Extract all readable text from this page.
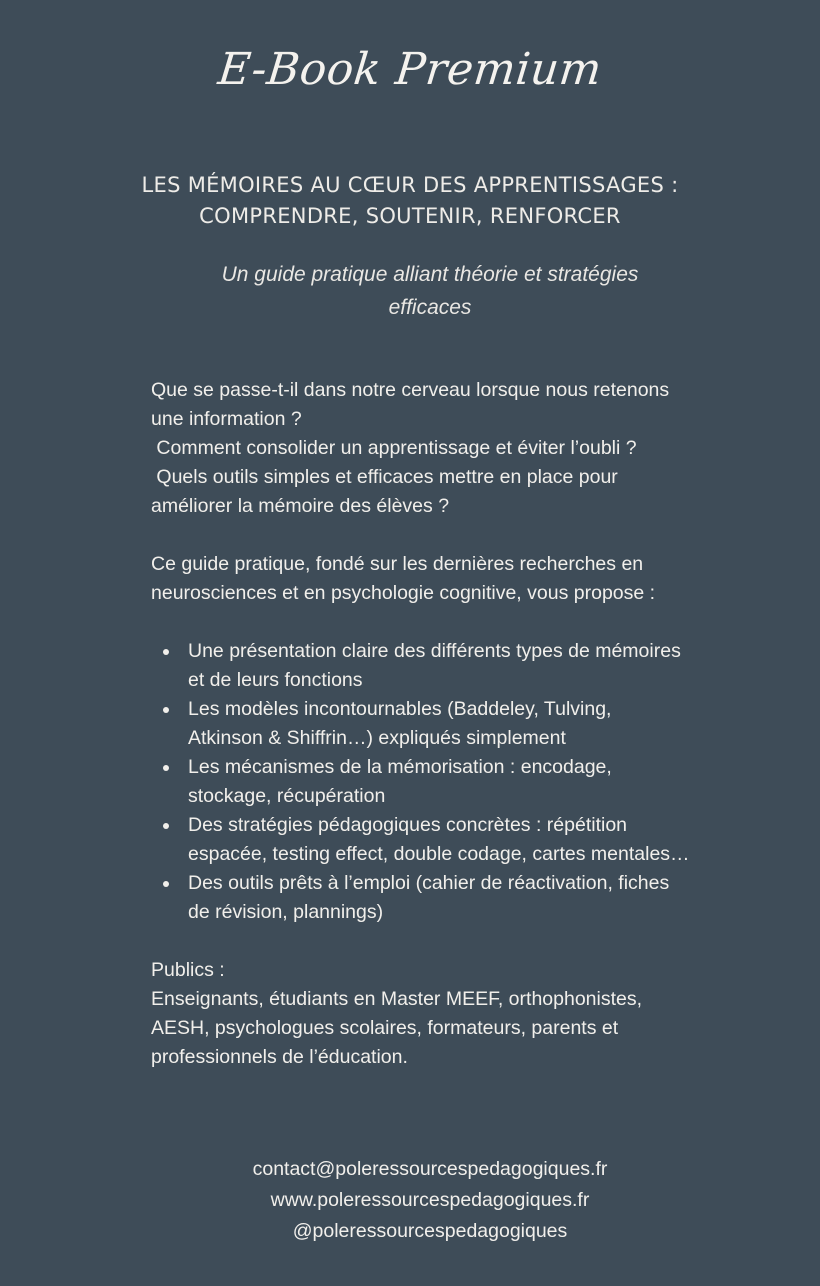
E-Book Premium
LES MÉMOIRES AU CŒUR DES APPRENTISSAGES :
COMPRENDRE, SOUTENIR, RENFORCER
Un guide pratique alliant théorie et stratégies
efficaces
Que se passe-t-il dans notre cerveau lorsque nous retenons
une information ?
Comment consolider un apprentissage et éviter l’oubli ?
Quels outils simples et efficaces mettre en place pour
améliorer la mémoire des élèves ?
Ce guide pratique, fondé sur les dernières recherches en
neurosciences et en psychologie cognitive, vous propose :
Une présentation claire des différents types de mémoires
et de leurs fonctions
Les modèles incontournables (Baddeley, Tulving,
Atkinson & Shiffrin…) expliqués simplement
Les mécanismes de la mémorisation : encodage,
stockage, récupération
Des stratégies pédagogiques concrètes : répétition
espacée, testing effect, double codage, cartes mentales…
Des outils prêts à l’emploi (cahier de réactivation, fiches
de révision, plannings)
Publics :
Enseignants, étudiants en Master MEEF, orthophonistes,
AESH, psychologues scolaires, formateurs, parents et
professionnels de l’éducation.
contact@poleressourcespedagogiques.fr
www.poleressourcespedagogiques.fr
@poleressourcespedagogiques
